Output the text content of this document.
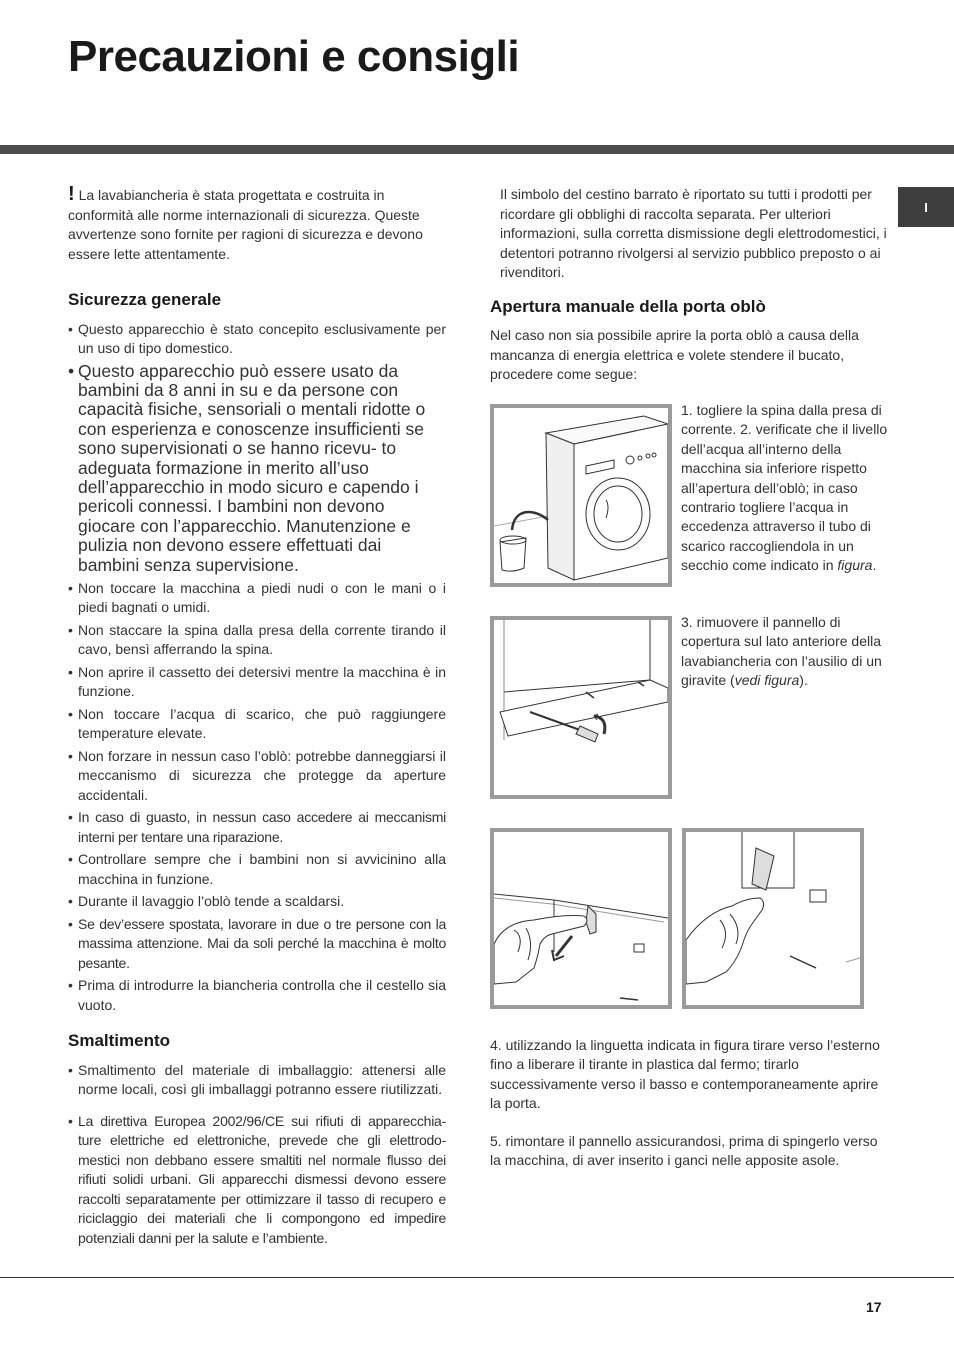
Precauzioni e consigli
I

! La lavabiancheria è stata progettata e costruita in conformità alle norme internazionali di sicurezza. Queste avvertenze sono fornite per ragioni di sicurezza e devono essere lette attentamente.

Sicurezza generale

• Questo apparecchio è stato concepito esclusivamente per un uso di tipo domestico.

• Questo apparecchio può essere usato da bambini da 8 anni in su e da persone con capacità fisiche, sensoriali o mentali ridotte o con esperienza e conoscenze insufficienti se sono supervisionati o se hanno ricevu- to adeguata formazione in merito all’uso dell’apparecchio in modo sicuro e capendo i pericoli connessi. I bambini non devono giocare con l’apparecchio. Manutenzione e pulizia non devono essere effettuati dai bambini senza supervisione.

• Non toccare la macchina a piedi nudi o con le mani o i piedi bagnati o umidi.

• Non staccare la spina dalla presa della corrente tirando il cavo, bensì afferrando la spina.

• Non aprire il cassetto dei detersivi mentre la macchina è in funzione.

• Non toccare l’acqua di scarico, che può raggiungere temperature elevate.

• Non forzare in nessun caso l’oblò: potrebbe danneggiarsi il meccanismo di sicurezza che protegge da aperture accidentali.

• In caso di guasto, in nessun caso accedere ai meccanismi interni per tentare una riparazione.

• Controllare sempre che i bambini non si avvicinino alla macchina in funzione.

• Durante il lavaggio l’oblò tende a scaldarsi.

• Se dev’essere spostata, lavorare in due o tre persone con la massima attenzione. Mai da soli perché la macchina è molto pesante.

• Prima di introdurre la biancheria controlla che il cestello sia vuoto.

Smaltimento

• Smaltimento del materiale di imballaggio: attenersi alle norme locali, così gli imballaggi potranno essere riutilizzati.

• La direttiva Europea 2002/96/CE sui rifiuti di apparecchia- ture elettriche ed elettroniche, prevede che gli elettrodo- mestici non debbano essere smaltiti nel normale flusso dei rifiuti solidi urbani. Gli apparecchi dismessi devono essere raccolti separatamente per ottimizzare il tasso di recupero e riciclaggio dei materiali che li compongono ed impedire potenziali danni per la salute e l’ambiente.

Il simbolo del cestino barrato è riportato su tutti i prodotti per ricordare gli obblighi di raccolta separata. Per ulteriori informazioni, sulla corretta dismissione degli elettrodomestici, i detentori potranno rivolgersi al servizio pubblico preposto o ai rivenditori.

Apertura manuale della porta oblò

Nel caso non sia possibile aprire la porta oblò a causa della mancanza di energia elettrica e volete stendere il bucato, procedere come segue:

1. togliere la spina dalla presa di corrente. 2. verificate che il livello dell’acqua all’interno della macchina sia inferiore rispetto all’apertura dell’oblò; in caso contrario togliere l’acqua in eccedenza attraverso il tubo di scarico raccogliendola in un secchio come indicato in figura.
3. rimuovere il pannello di copertura sul lato anteriore della lavabiancheria con l’ausilio di un giravite (vedi figura).

4. utilizzando la linguetta indicata in figura tirare verso l’esterno fino a liberare il tirante in plastica dal fermo; tirarlo successivamente verso il basso e contemporaneamente aprire la porta.

5. rimontare il pannello assicurandosi, prima di spingerlo verso la macchina, di aver inserito i ganci nelle apposite asole.

17
